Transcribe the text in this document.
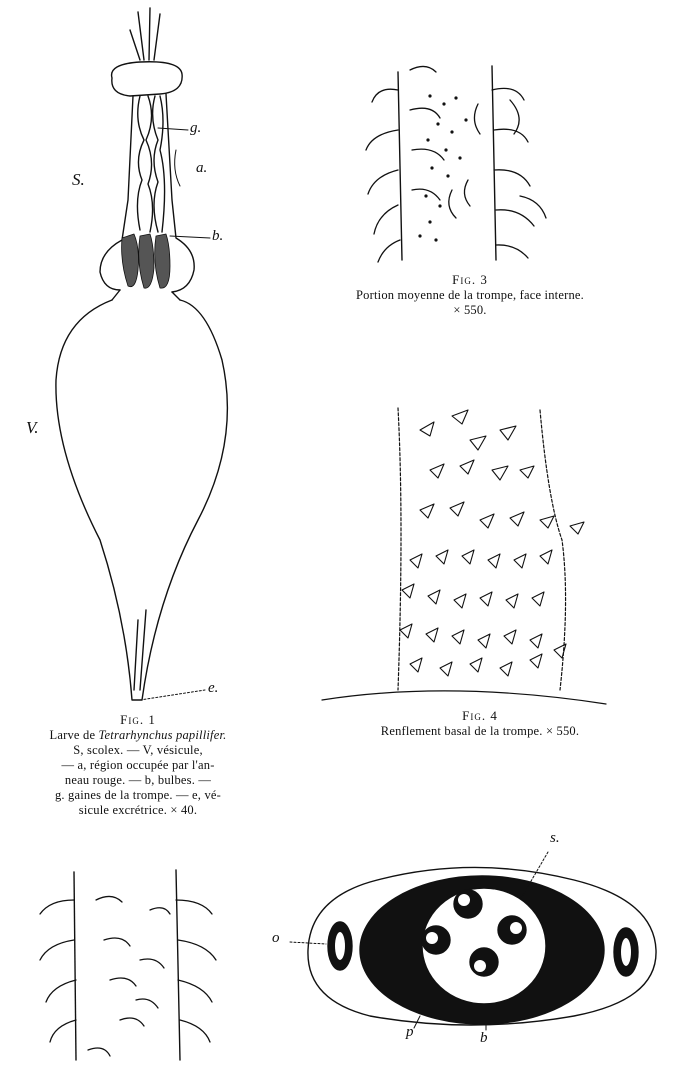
S.
V.
g.
a.
b.
e.
s.
o
p	b
Fig. 1
Larve de Tetrarhynchus papillifer.
S, scolex. — V, vésicule,
— a, région occupée par l'an-
neau rouge. — b, bulbes. —
g. gaines de la trompe. — e, vé-
sicule excrétrice. × 40.
Fig. 3
Portion moyenne de la trompe, face interne.
× 550.
Fig. 4
Renflement basal de la trompe. × 550.
